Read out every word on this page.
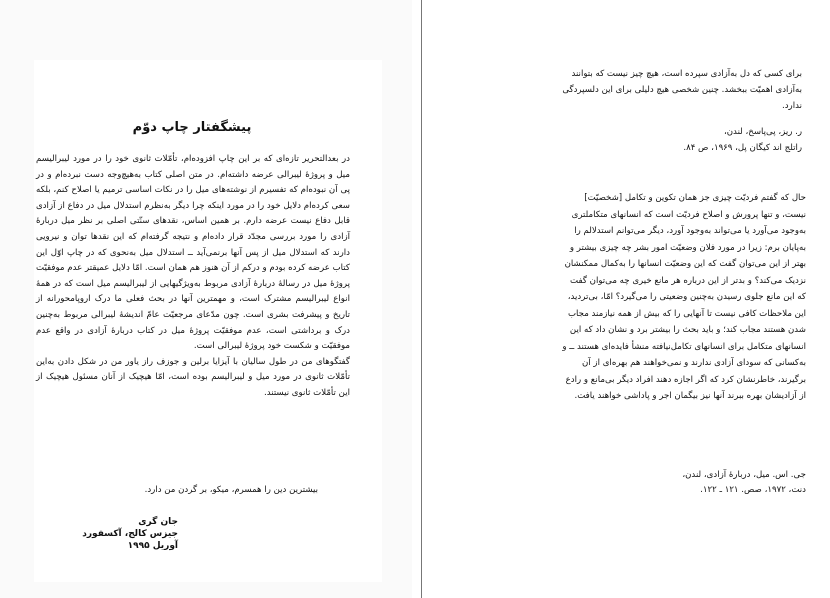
پیشگفتار چاپ دوّم

در بعدالتحریر تازه‌ای که بر این چاپ افزوده‌ام، تأمّلات ثانوی خود را در مورد لیبرالیسم میل و پروژهٔ لیبرالی عرضه داشته‌ام. در متن اصلی کتاب به‌هیچ‌وجه دست نبرده‌ام و در پی آن نبوده‌ام که تفسیرم از نوشته‌های میل را در نکات اساسی ترمیم یا اصلاح کنم، بلکه سعی کرده‌ام دلایل خود را در مورد اینکه چرا دیگر به‌نظرم استدلال میل در دفاع از آزادی قابل دفاع نیست عرضه دارم. بر همین اساس، نقدهای سنّتی اصلی بر نظر میل دربارهٔ آزادی را مورد بررسی مجدّد قرار داده‌ام و نتیجه گرفته‌ام که این نقدها توان و نیرویی دارند که استدلال میل از پس آنها برنمی‌آید ــ استدلال میل به‌نحوی که در چاپ اوّل این کتاب عرضه کرده بودم و درکم از آن هنوز هم همان است. امّا دلایل عمیقتر عدم موفقیّت پروژهٔ میل در رسالهٔ دربارهٔ آزادی مربوط به‌ویژگیهایی از لیبرالیسم میل است که در همهٔ انواع لیبرالیسم مشترک است، و مهمترین آنها در بحث فعلی ما درک اروپا‌محورانه از تاریخ و پیشرفت بشری است. چون مدّعای مرجعیّت عامّ اندیشهٔ لیبرالی مربوط به‌چنین درک و برداشتی است، عدم موفقیّت پروژهٔ میل در کتاب دربارهٔ آزادی در واقع عدم موفقیّت و شکست خود پروژهٔ لیبرالی است.

گفتگوهای من در طول سالیان با آیزایا برلین و جوزف راز یاور من در شکل دادن به‌این تأمّلات ثانوی در مورد میل و لیبرالیسم بوده است، امّا هیچیک از آنان مسئول هیچیک از این تأمّلات ثانوی نیستند.

بیشترین دین را همسرم، میکو، بر گردن من دارد.
جان گری
جیزس کالج، آکسفورد
آوریل ۱۹۹۵
برای کسی که دل به‌آزادی سپرده است، هیچ چیز نیست که بتوانند
به‌آزادی اهمیّت ببخشد. چنین شخصی هیچ دلیلی برای این دلسپردگی
ندارد.
ر. ریز، پی‌پاسخ، لندن،
راتلج اند کیگان پل، ۱۹۶۹، ص ۸۴.
حال که گفتم فردیّت چیزی جز همان تکوین و تکامل [شخصیّت]
نیست، و تنها پرورش و اصلاح فردیّت است که انسانهای متکاملتری
به‌وجود می‌آورد یا می‌تواند به‌وجود آورد، دیگر می‌توانم استدلالم را
به‌پایان برم: زیرا در مورد فلان وضعیّت امور بشر چه چیزی بیشتر و
بهتر از این می‌توان گفت که این وضعیّت انسانها را به‌کمال ممکنشان
نزدیک می‌کند؟ و بدتر از این درباره هر مانع خیری چه می‌توان گفت
که این مانع جلوی رسیدن به‌چنین وضعیتی را می‌گیرد؟ امّا، بی‌تردید،
این ملاحظات کافی نیست تا آنهایی را که بیش از همه نیازمند مجاب
شدن هستند مجاب کند؛ و باید بحث را بیشتر برد و نشان داد که این
انسانهای متکامل برای انسانهای تکامل‌نیافته منشأ فایده‌ای هستند ــ و
به‌کسانی که سودای آزادی ندارند و نمی‌خواهند هم بهره‌ای از آن
برگیرند، خاطرنشان کرد که اگر اجازه دهند افراد دیگر بی‌مانع و رادع
از آزادیشان بهره ببرند آنها نیز بیگمان اجر و پاداشی خواهند یافت.
جی. اس. میل، دربارهٔ آزادی، لندن،
دنت، ۱۹۷۲، صص. ۱۲۱ ـ ۱۲۲.
